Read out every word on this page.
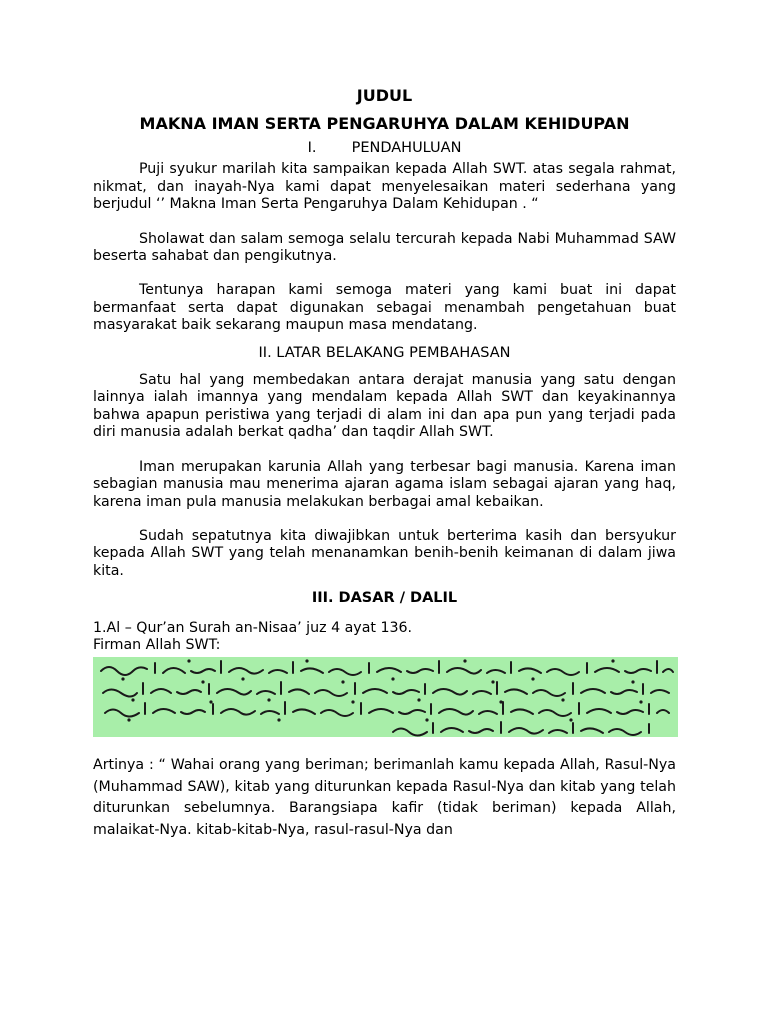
JUDUL
MAKNA IMAN SERTA PENGARUHYA DALAM KEHIDUPAN
I. PENDAHULUAN

Puji syukur marilah kita sampaikan kepada Allah SWT. atas segala rahmat, nikmat, dan inayah-Nya kami dapat menyelesaikan materi sederhana yang berjudul ‘’ Makna Iman Serta Pengaruhya Dalam Kehidupan . “

Sholawat dan salam semoga selalu tercurah kepada Nabi Muhammad SAW beserta sahabat dan pengikutnya.

Tentunya harapan kami semoga materi yang kami buat ini dapat bermanfaat serta dapat digunakan sebagai menambah pengetahuan buat masyarakat baik sekarang maupun masa mendatang.

II. LATAR BELAKANG PEMBAHASAN

Satu hal yang membedakan antara derajat manusia yang satu dengan lainnya ialah imannya yang mendalam kepada Allah SWT dan keyakinannya bahwa apapun peristiwa yang terjadi di alam ini dan apa pun yang terjadi pada diri manusia adalah berkat qadha’ dan taqdir Allah SWT.

Iman merupakan karunia Allah yang terbesar bagi manusia. Karena iman sebagian manusia mau menerima ajaran agama islam sebagai ajaran yang haq, karena iman pula manusia melakukan berbagai amal kebaikan.

Sudah sepatutnya kita diwajibkan untuk berterima kasih dan bersyukur kepada Allah SWT yang telah menanamkan benih-benih keimanan di dalam jiwa kita.

III. DASAR / DALIL

1.Al – Qur’an Surah an-Nisaa’ juz 4 ayat 136.

Firman Allah SWT:

Artinya : “ Wahai orang yang beriman; berimanlah kamu kepada Allah, Rasul-Nya (Muhammad SAW), kitab yang diturunkan kepada Rasul-Nya dan kitab yang telah diturunkan sebelumnya. Barangsiapa kafir (tidak beriman) kepada Allah, malaikat-Nya. kitab-kitab-Nya, rasul-rasul-Nya dan
